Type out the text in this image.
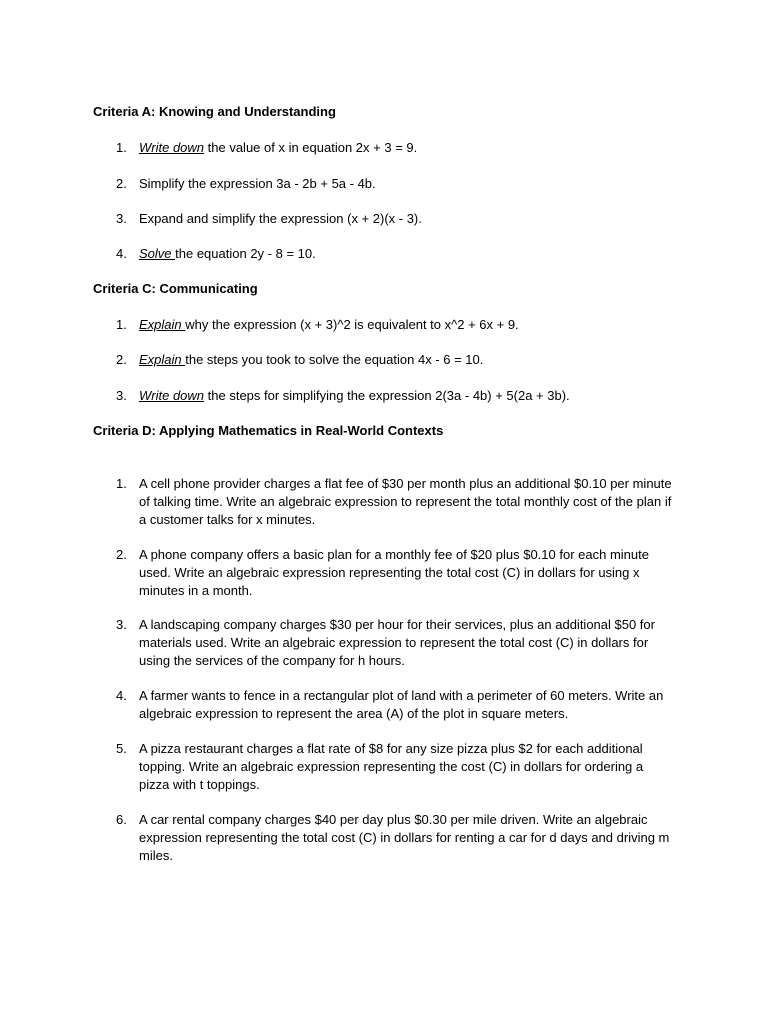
Criteria A: Knowing and Understanding
1. Write down the value of x in equation 2x + 3 = 9.
2. Simplify the expression 3a - 2b + 5a - 4b.
3. Expand and simplify the expression (x + 2)(x - 3).
4. Solve the equation 2y - 8 = 10.
Criteria C: Communicating
1. Explain why the expression (x + 3)^2 is equivalent to x^2 + 6x + 9.
2. Explain the steps you took to solve the equation 4x - 6 = 10.
3. Write down the steps for simplifying the expression 2(3a - 4b) + 5(2a + 3b).
Criteria D: Applying Mathematics in Real-World Contexts
1. A cell phone provider charges a flat fee of $30 per month plus an additional $0.10 per minute of talking time. Write an algebraic expression to represent the total monthly cost of the plan if a customer talks for x minutes.
2. A phone company offers a basic plan for a monthly fee of $20 plus $0.10 for each minute used. Write an algebraic expression representing the total cost (C) in dollars for using x minutes in a month.
3. A landscaping company charges $30 per hour for their services, plus an additional $50 for materials used. Write an algebraic expression to represent the total cost (C) in dollars for using the services of the company for h hours.
4. A farmer wants to fence in a rectangular plot of land with a perimeter of 60 meters. Write an algebraic expression to represent the area (A) of the plot in square meters.
5. A pizza restaurant charges a flat rate of $8 for any size pizza plus $2 for each additional topping. Write an algebraic expression representing the cost (C) in dollars for ordering a pizza with t toppings.
6. A car rental company charges $40 per day plus $0.30 per mile driven. Write an algebraic expression representing the total cost (C) in dollars for renting a car for d days and driving m miles.
